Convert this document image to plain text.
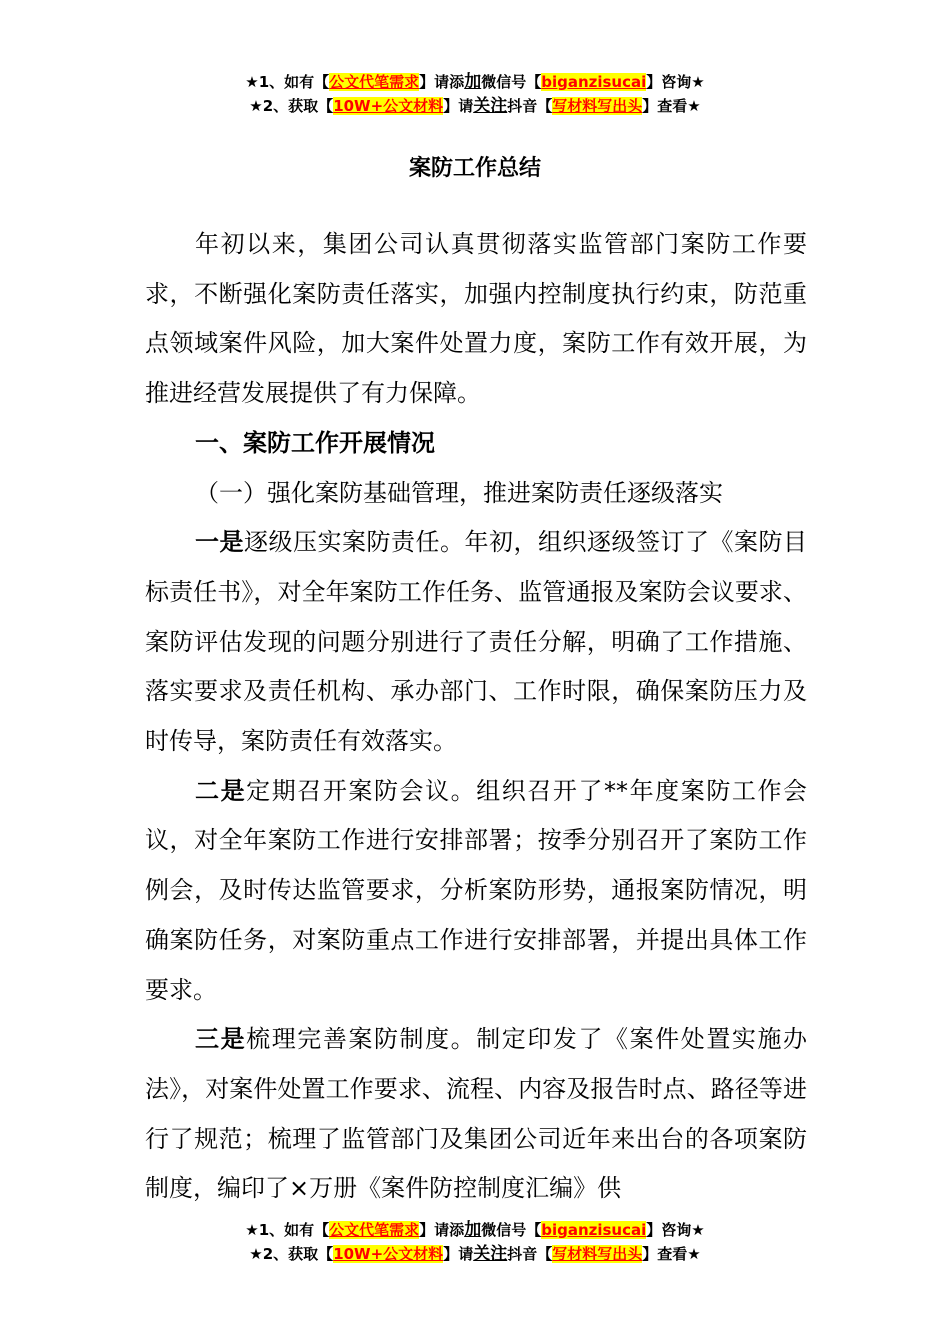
★1、如有【公文代笔需求】请添加微信号【biganzisucai】咨询★
★2、获取【10W+公文材料】请关注抖音【写材料写出头】查看★
案防工作总结

年初以来，集团公司认真贯彻落实监管部门案防工作要求，不断强化案防责任落实，加强内控制度执行约束，防范重点领域案件风险，加大案件处置力度，案防工作有效开展，为推进经营发展提供了有力保障。

一、案防工作开展情况

（一）强化案防基础管理，推进案防责任逐级落实

一是逐级压实案防责任。年初，组织逐级签订了《案防目标责任书》，对全年案防工作任务、监管通报及案防会议要求、案防评估发现的问题分别进行了责任分解，明确了工作措施、落实要求及责任机构、承办部门、工作时限，确保案防压力及时传导，案防责任有效落实。

二是定期召开案防会议。组织召开了**年度案防工作会议，对全年案防工作进行安排部署；按季分别召开了案防工作例会，及时传达监管要求，分析案防形势，通报案防情况，明确案防任务，对案防重点工作进行安排部署，并提出具体工作要求。

三是梳理完善案防制度。制定印发了《案件处置实施办法》，对案件处置工作要求、流程、内容及报告时点、路径等进行了规范；梳理了监管部门及集团公司近年来出台的各项案防制度，编印了×万册《案件防控制度汇编》供

★1、如有【公文代笔需求】请添加微信号【biganzisucai】咨询★
★2、获取【10W+公文材料】请关注抖音【写材料写出头】查看★
